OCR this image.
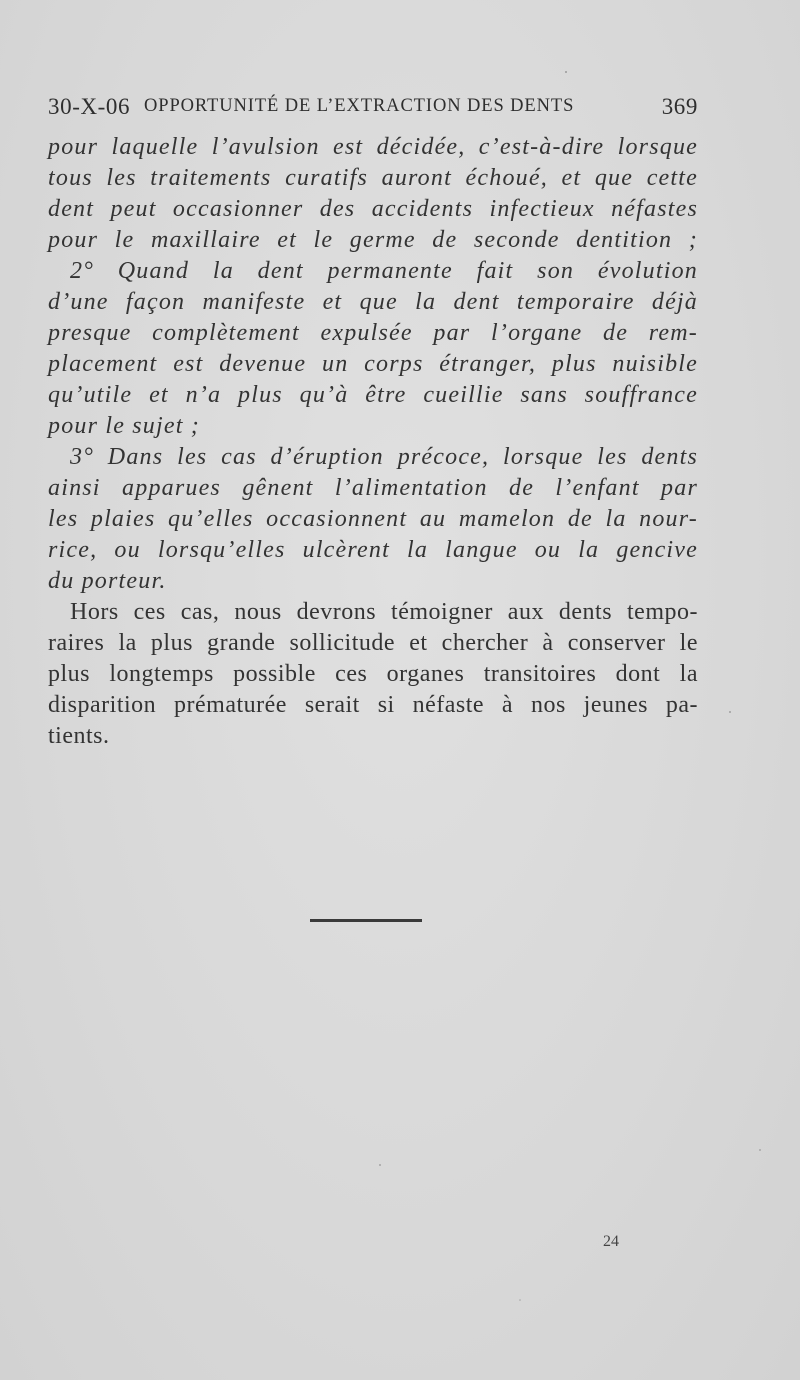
30-X-06 OPPORTUNITÉ DE L’EXTRACTION DES DENTS	369
pour laquelle l’avulsion est décidée, c’est-à-dire lorsque
tous les traitements curatifs auront échoué, et que cette
dent peut occasionner des accidents infectieux néfastes
pour le maxillaire et le germe de seconde dentition ;
2° Quand la dent permanente fait son évolution
d’une façon manifeste et que la dent temporaire déjà
presque complètement expulsée par l’organe de rem-
placement est devenue un corps étranger, plus nuisible
qu’utile et n’a plus qu’à être cueillie sans souffrance
pour le sujet ;
3° Dans les cas d’éruption précoce, lorsque les dents
ainsi apparues gênent l’alimentation de l’enfant par
les plaies qu’elles occasionnent au mamelon de la nour-
rice, ou lorsqu’elles ulcèrent la langue ou la gencive
du porteur.
Hors ces cas, nous devrons témoigner aux dents tempo-
raires la plus grande sollicitude et chercher à conserver le
plus longtemps possible ces organes transitoires dont la
disparition prématurée serait si néfaste à nos jeunes pa-
tients.
24
